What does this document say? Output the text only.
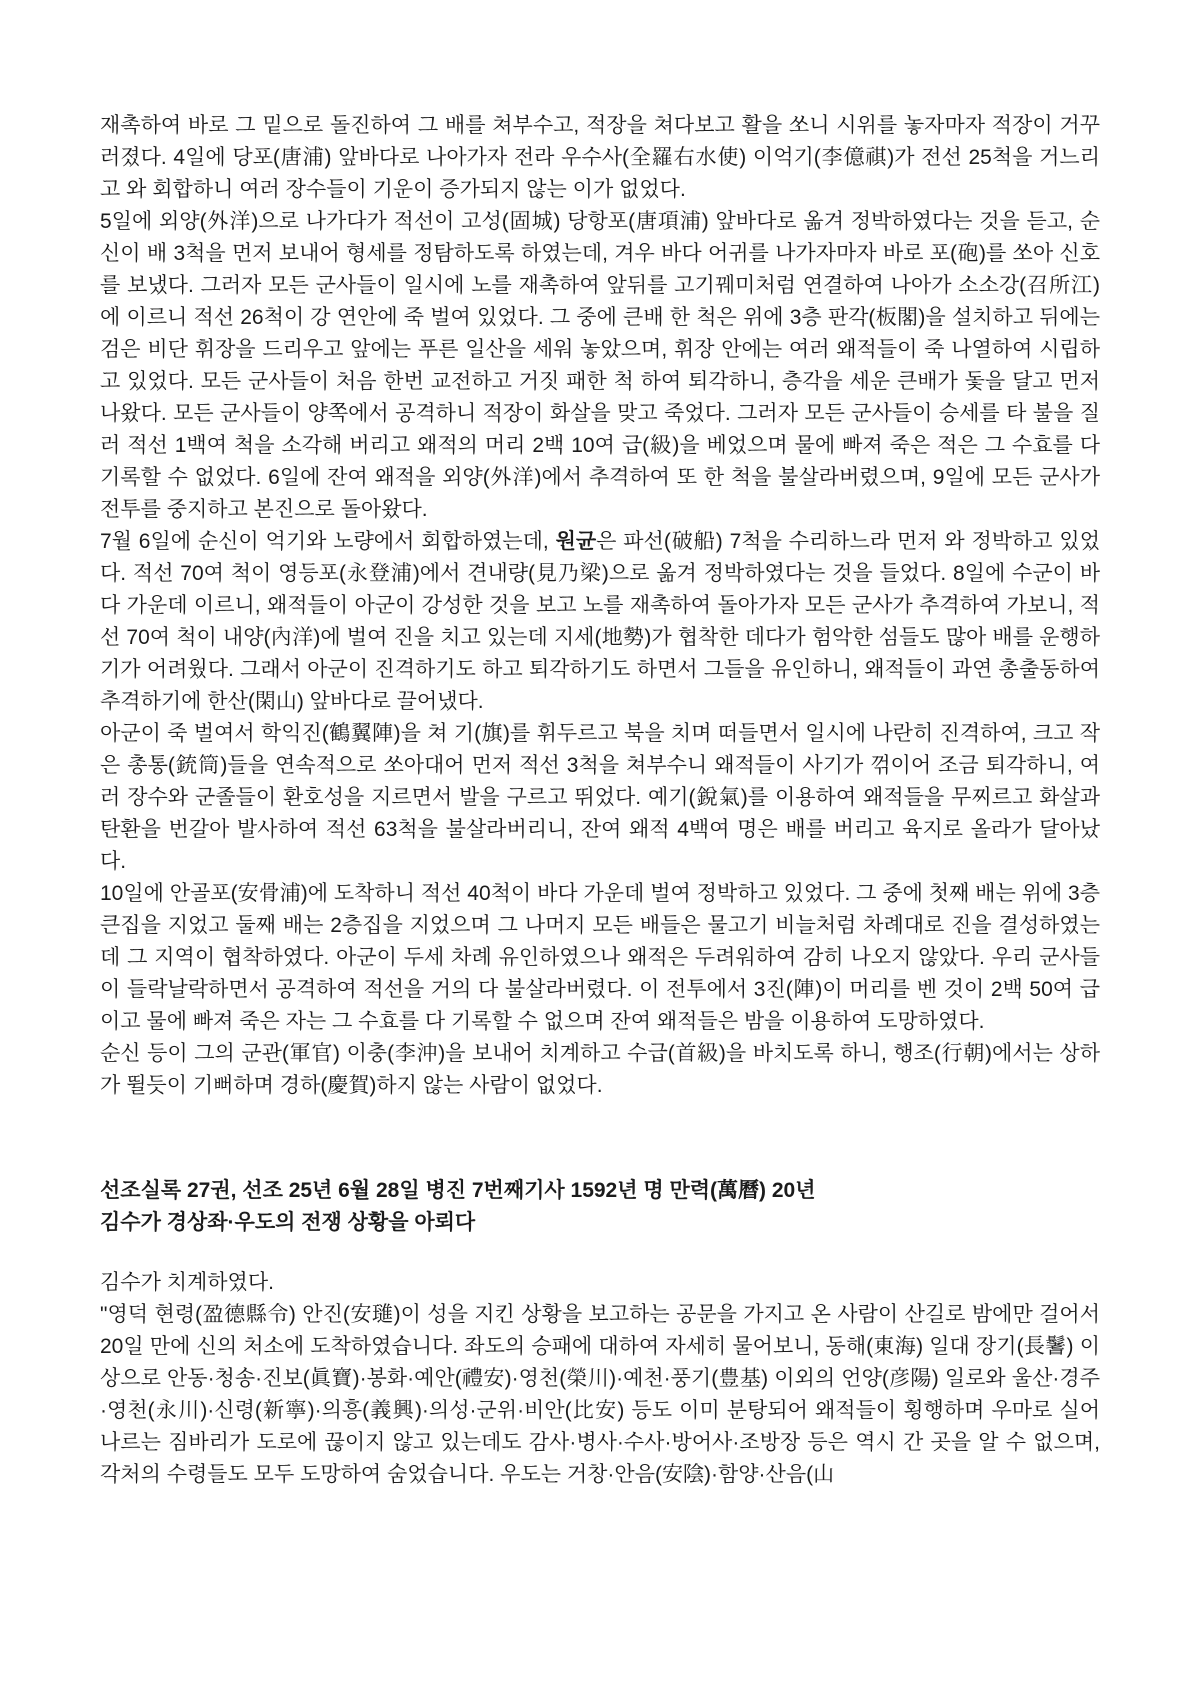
재촉하여 바로 그 밑으로 돌진하여 그 배를 쳐부수고, 적장을 쳐다보고 활을 쏘니 시위를 놓자마자 적장이 거꾸러졌다. 4일에 당포(唐浦) 앞바다로 나아가자 전라 우수사(全羅右水使) 이억기(李億祺)가 전선 25척을 거느리고 와 회합하니 여러 장수들이 기운이 증가되지 않는 이가 없었다.

5일에 외양(外洋)으로 나가다가 적선이 고성(固城) 당항포(唐項浦) 앞바다로 옮겨 정박하였다는 것을 듣고, 순신이 배 3척을 먼저 보내어 형세를 정탐하도록 하였는데, 겨우 바다 어귀를 나가자마자 바로 포(砲)를 쏘아 신호를 보냈다. 그러자 모든 군사들이 일시에 노를 재촉하여 앞뒤를 고기꿰미처럼 연결하여 나아가 소소강(召所江)에 이르니 적선 26척이 강 연안에 죽 벌여 있었다. 그 중에 큰배 한 척은 위에 3층 판각(板閣)을 설치하고 뒤에는 검은 비단 휘장을 드리우고 앞에는 푸른 일산을 세워 놓았으며, 휘장 안에는 여러 왜적들이 죽 나열하여 시립하고 있었다. 모든 군사들이 처음 한번 교전하고 거짓 패한 척 하여 퇴각하니, 층각을 세운 큰배가 돛을 달고 먼저 나왔다. 모든 군사들이 양쪽에서 공격하니 적장이 화살을 맞고 죽었다. 그러자 모든 군사들이 승세를 타 불을 질러 적선 1백여 척을 소각해 버리고 왜적의 머리 2백 10여 급(級)을 베었으며 물에 빠져 죽은 적은 그 수효를 다 기록할 수 없었다. 6일에 잔여 왜적을 외양(外洋)에서 추격하여 또 한 척을 불살라버렸으며, 9일에 모든 군사가 전투를 중지하고 본진으로 돌아왔다.

7월 6일에 순신이 억기와 노량에서 회합하였는데, 원균은 파선(破船) 7척을 수리하느라 먼저 와 정박하고 있었다. 적선 70여 척이 영등포(永登浦)에서 견내량(見乃梁)으로 옮겨 정박하였다는 것을 들었다. 8일에 수군이 바다 가운데 이르니, 왜적들이 아군이 강성한 것을 보고 노를 재촉하여 돌아가자 모든 군사가 추격하여 가보니, 적선 70여 척이 내양(內洋)에 벌여 진을 치고 있는데 지세(地勢)가 협착한 데다가 험악한 섬들도 많아 배를 운행하기가 어려웠다. 그래서 아군이 진격하기도 하고 퇴각하기도 하면서 그들을 유인하니, 왜적들이 과연 총출동하여 추격하기에 한산(閑山) 앞바다로 끌어냈다.

아군이 죽 벌여서 학익진(鶴翼陣)을 쳐 기(旗)를 휘두르고 북을 치며 떠들면서 일시에 나란히 진격하여, 크고 작은 총통(銃筒)들을 연속적으로 쏘아대어 먼저 적선 3척을 쳐부수니 왜적들이 사기가 꺾이어 조금 퇴각하니, 여러 장수와 군졸들이 환호성을 지르면서 발을 구르고 뛰었다. 예기(銳氣)를 이용하여 왜적들을 무찌르고 화살과 탄환을 번갈아 발사하여 적선 63척을 불살라버리니, 잔여 왜적 4백여 명은 배를 버리고 육지로 올라가 달아났다.

10일에 안골포(安骨浦)에 도착하니 적선 40척이 바다 가운데 벌여 정박하고 있었다. 그 중에 첫째 배는 위에 3층 큰집을 지었고 둘째 배는 2층집을 지었으며 그 나머지 모든 배들은 물고기 비늘처럼 차례대로 진을 결성하였는데 그 지역이 협착하였다. 아군이 두세 차례 유인하였으나 왜적은 두려워하여 감히 나오지 않았다. 우리 군사들이 들락날락하면서 공격하여 적선을 거의 다 불살라버렸다. 이 전투에서 3진(陣)이 머리를 벤 것이 2백 50여 급이고 물에 빠져 죽은 자는 그 수효를 다 기록할 수 없으며 잔여 왜적들은 밤을 이용하여 도망하였다.

순신 등이 그의 군관(軍官) 이충(李沖)을 보내어 치계하고 수급(首級)을 바치도록 하니, 행조(行朝)에서는 상하가 뛸듯이 기뻐하며 경하(慶賀)하지 않는 사람이 없었다.

선조실록 27권, 선조 25년 6월 28일 병진 7번째기사 1592년 명 만력(萬曆) 20년

김수가 경상좌·우도의 전쟁 상황을 아뢰다

김수가 치계하였다.

"영덕 현령(盈德縣令) 안진(安璡)이 성을 지킨 상황을 보고하는 공문을 가지고 온 사람이 산길로 밤에만 걸어서 20일 만에 신의 처소에 도착하였습니다. 좌도의 승패에 대하여 자세히 물어보니, 동해(東海) 일대 장기(長鬐) 이상으로 안동·청송·진보(眞寶)·봉화·예안(禮安)·영천(榮川)·예천·풍기(豊基) 이외의 언양(彦陽) 일로와 울산·경주·영천(永川)·신령(新寧)·의흥(義興)·의성·군위·비안(比安) 등도 이미 분탕되어 왜적들이 횡행하며 우마로 실어 나르는 짐바리가 도로에 끊이지 않고 있는데도 감사·병사·수사·방어사·조방장 등은 역시 간 곳을 알 수 없으며, 각처의 수령들도 모두 도망하여 숨었습니다. 우도는 거창·안음(安陰)·함양·산음(山
